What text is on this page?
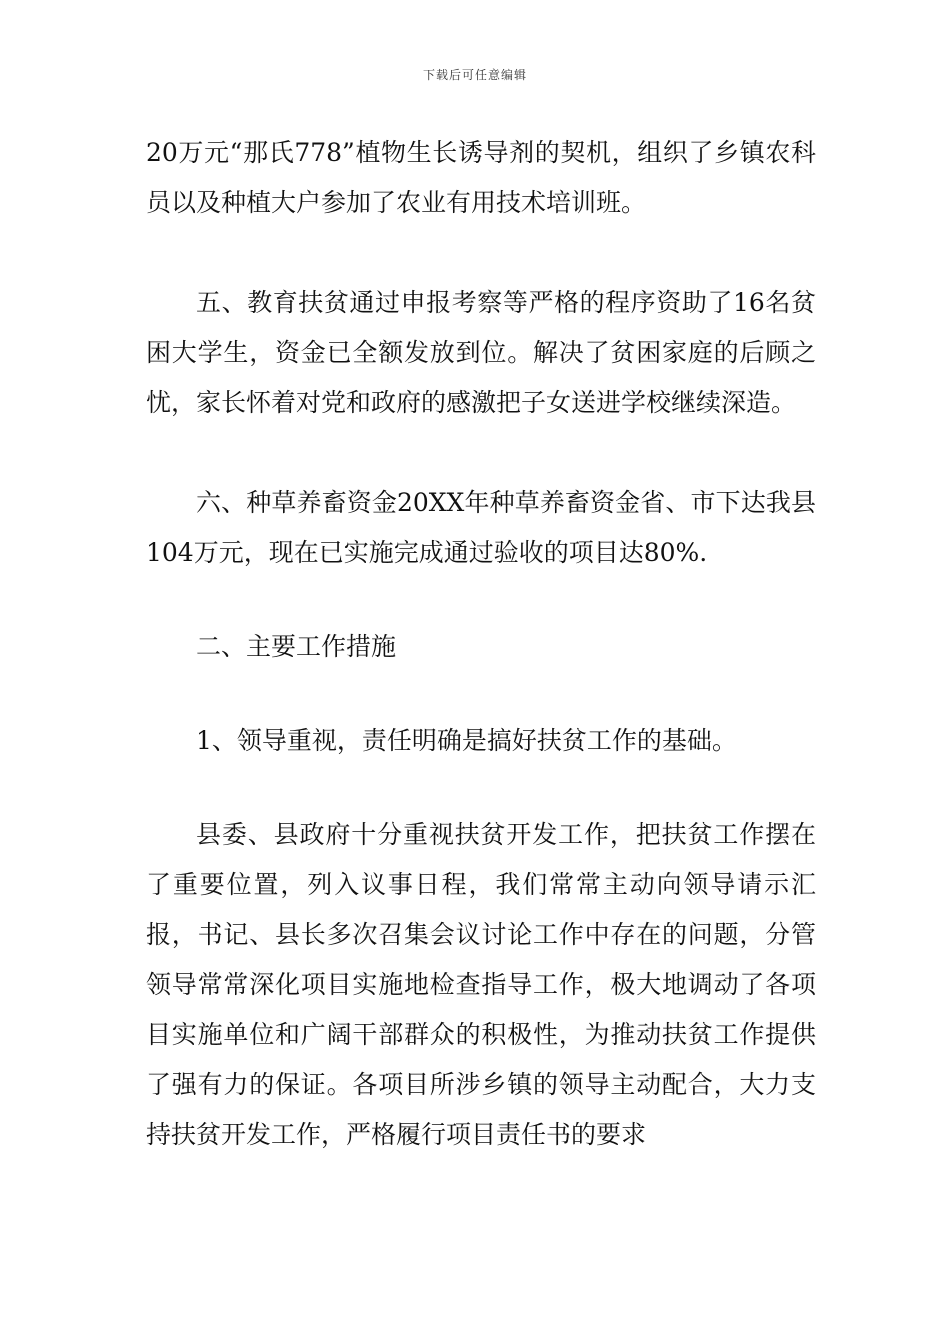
下载后可任意编辑

20万元“那氏778”植物生长诱导剂的契机，组织了乡镇农科员以及种植大户参加了农业有用技术培训班。

五、教育扶贫通过申报考察等严格的程序资助了16名贫困大学生，资金已全额发放到位。解决了贫困家庭的后顾之忧，家长怀着对党和政府的感激把子女送进学校继续深造。

六、种草养畜资金20XX年种草养畜资金省、市下达我县104万元，现在已实施完成通过验收的项目达80%.

二、主要工作措施

1、领导重视，责任明确是搞好扶贫工作的基础。

县委、县政府十分重视扶贫开发工作，把扶贫工作摆在了重要位置，列入议事日程，我们常常主动向领导请示汇报，书记、县长多次召集会议讨论工作中存在的问题，分管领导常常深化项目实施地检查指导工作，极大地调动了各项目实施单位和广阔干部群众的积极性，为推动扶贫工作提供了强有力的保证。各项目所涉乡镇的领导主动配合，大力支持扶贫开发工作，严格履行项目责任书的要求
